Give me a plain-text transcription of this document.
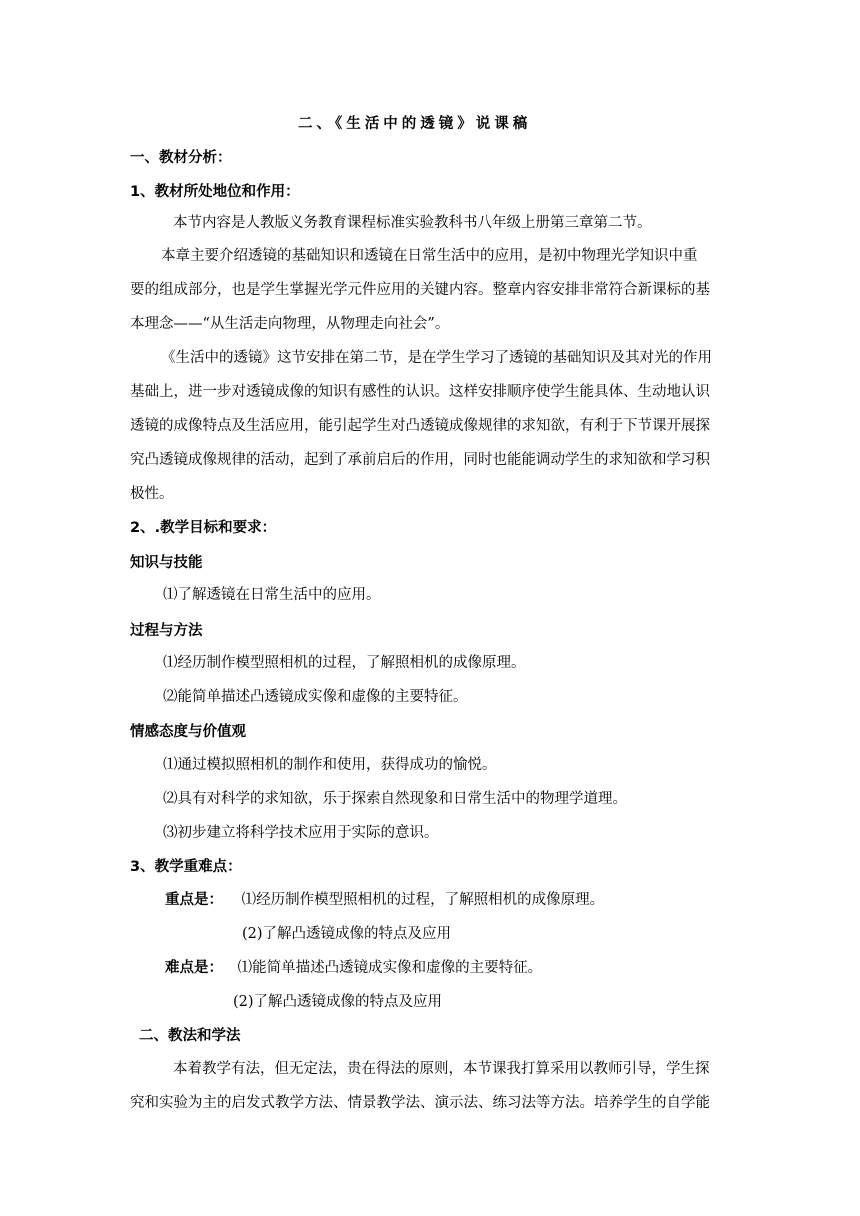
二、《生活中的透镜》说课稿
一、教材分析：
1、教材所处地位和作用：
本节内容是人教版义务教育课程标准实验教科书八年级上册第三章第二节。
本章主要介绍透镜的基础知识和透镜在日常生活中的应用，是初中物理光学知识中重
要的组成部分，也是学生掌握光学元件应用的关键内容。整章内容安排非常符合新课标的基
本理念——“从生活走向物理，从物理走向社会”。
《生活中的透镜》这节安排在第二节，是在学生学习了透镜的基础知识及其对光的作用
基础上，进一步对透镜成像的知识有感性的认识。这样安排顺序使学生能具体、生动地认识
透镜的成像特点及生活应用，能引起学生对凸透镜成像规律的求知欲，有利于下节课开展探
究凸透镜成像规律的活动，起到了承前启后的作用，同时也能能调动学生的求知欲和学习积
极性。
2、.教学目标和要求：
知识与技能
⑴了解透镜在日常生活中的应用。
过程与方法
⑴经历制作模型照相机的过程，了解照相机的成像原理。
⑵能简单描述凸透镜成实像和虚像的主要特征。
情感态度与价值观
⑴通过模拟照相机的制作和使用，获得成功的愉悦。
⑵具有对科学的求知欲，乐于探索自然现象和日常生活中的物理学道理。
⑶初步建立将科学技术应用于实际的意识。
3、教学重难点：
重点是： ⑴经历制作模型照相机的过程，了解照相机的成像原理。
(2)了解凸透镜成像的特点及应用
难点是： ⑴能简单描述凸透镜成实像和虚像的主要特征。
(2)了解凸透镜成像的特点及应用
二、教法和学法
本着教学有法，但无定法，贵在得法的原则，本节课我打算采用以教师引导，学生探
究和实验为主的启发式教学方法、情景教学法、演示法、练习法等方法。培养学生的自学能
